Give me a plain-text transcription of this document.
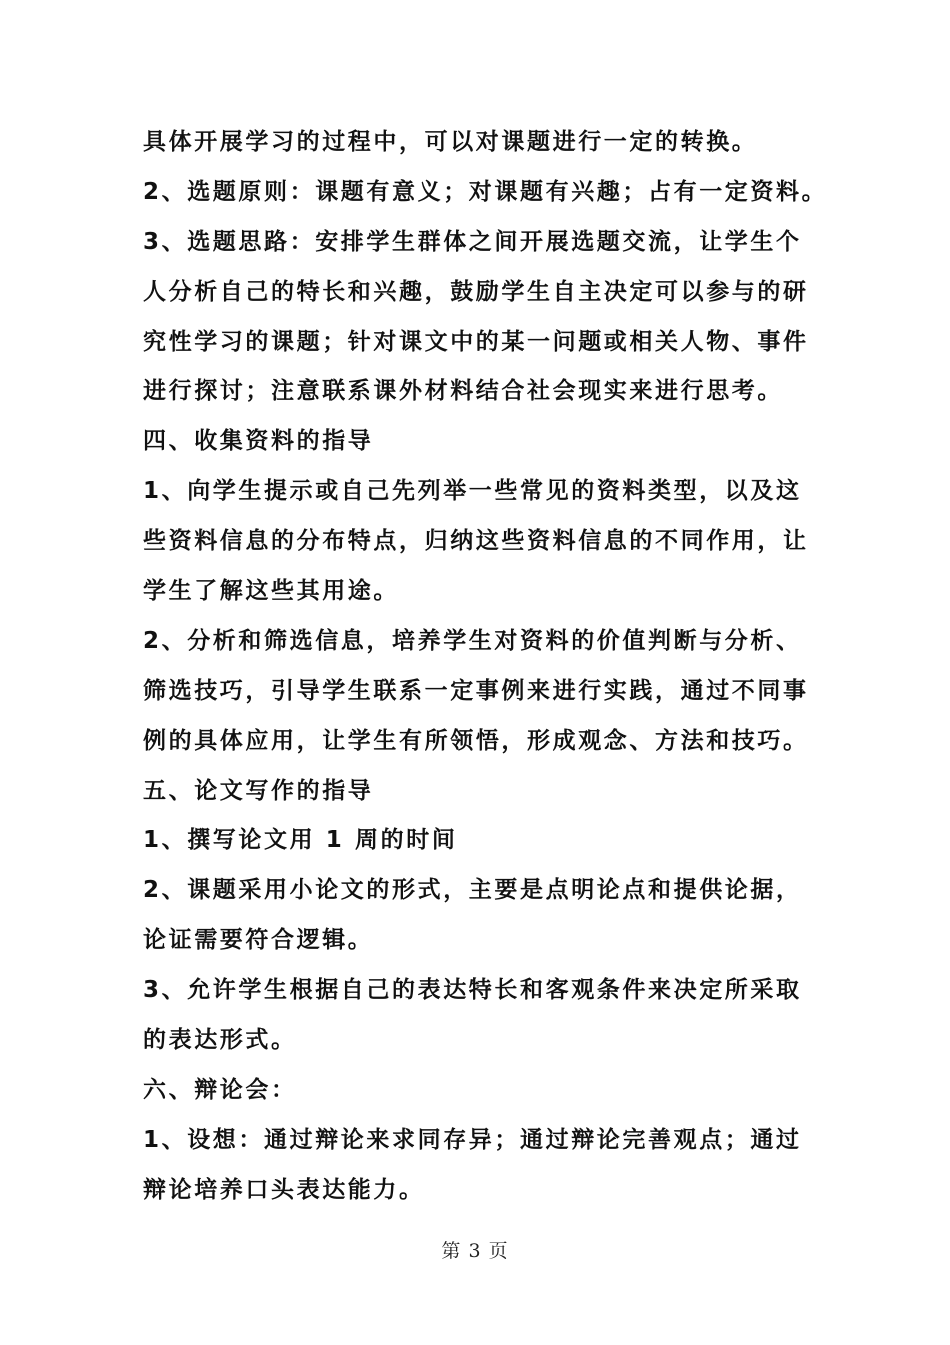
具体开展学习的过程中，可以对课题进行一定的转换。
2、选题原则：课题有意义；对课题有兴趣；占有一定资料。
3、选题思路：安排学生群体之间开展选题交流，让学生个
人分析自己的特长和兴趣，鼓励学生自主决定可以参与的研
究性学习的课题；针对课文中的某一问题或相关人物、事件
进行探讨；注意联系课外材料结合社会现实来进行思考。
四、收集资料的指导
1、向学生提示或自己先列举一些常见的资料类型，以及这
些资料信息的分布特点，归纳这些资料信息的不同作用，让
学生了解这些其用途。
2、分析和筛选信息，培养学生对资料的价值判断与分析、
筛选技巧，引导学生联系一定事例来进行实践，通过不同事
例的具体应用，让学生有所领悟，形成观念、方法和技巧。
五、论文写作的指导
1、撰写论文用 1 周的时间
2、课题采用小论文的形式，主要是点明论点和提供论据，
论证需要符合逻辑。
3、允许学生根据自己的表达特长和客观条件来决定所采取
的表达形式。
六、辩论会：
1、设想：通过辩论来求同存异；通过辩论完善观点；通过
辩论培养口头表达能力。
第 3 页
